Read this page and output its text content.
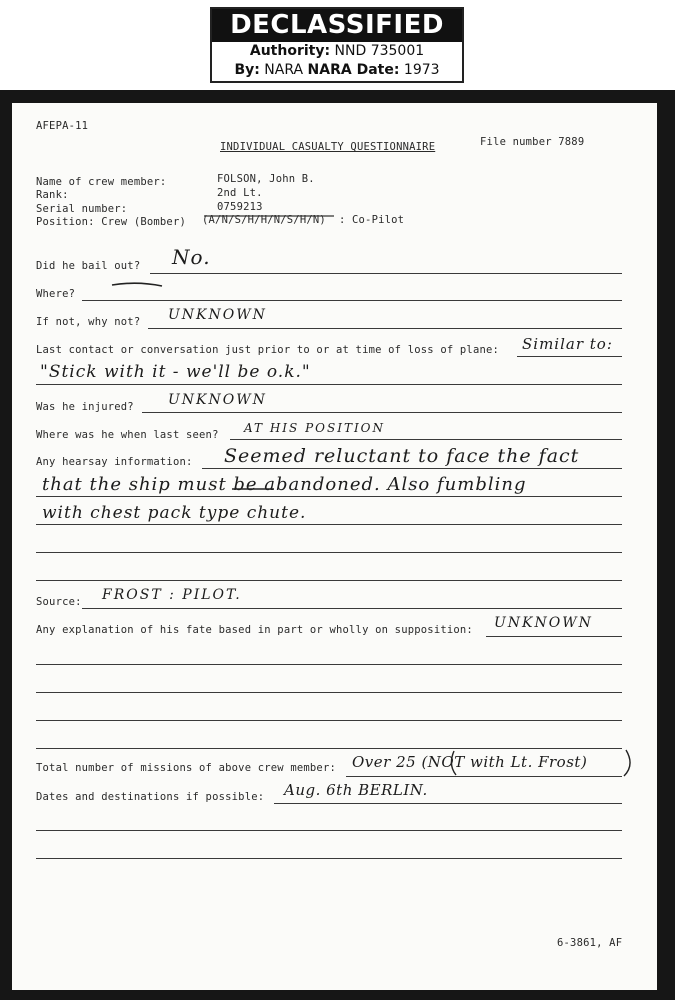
DECLASSIFIED
Authority: NND 735001
By: NARA NARA Date: 1973
AFEPA-11
INDIVIDUAL CASUALTY QUESTIONNAIRE	File number 7889
Name of crew member:	FOLSON, John B.
Rank:	2nd Lt.
Serial number:	0759213
Position: Crew (Bomber) (A/N/S/H/H/N/S/H/N) : Co-Pilot
Did he bail out? No.
Where?
If not, why not? UNKNOWN
Last contact or conversation just prior to or at time of loss of plane: Similar to:
"Stick with it - we'll be o.k."
Was he injured? UNKNOWN
Where was he when last seen? AT HIS POSITION
Any hearsay information: Seemed reluctant to face the fact
that the ship must be abandoned. Also fumbling
with chest pack type chute.
Source: FROST : PILOT.
Any explanation of his fate based in part or wholly on supposition: UNKNOWN
Total number of missions of above crew member: Over 25 (NOT with Lt. Frost)
Dates and destinations if possible: Aug. 6th BERLIN.
6-3861, AF
